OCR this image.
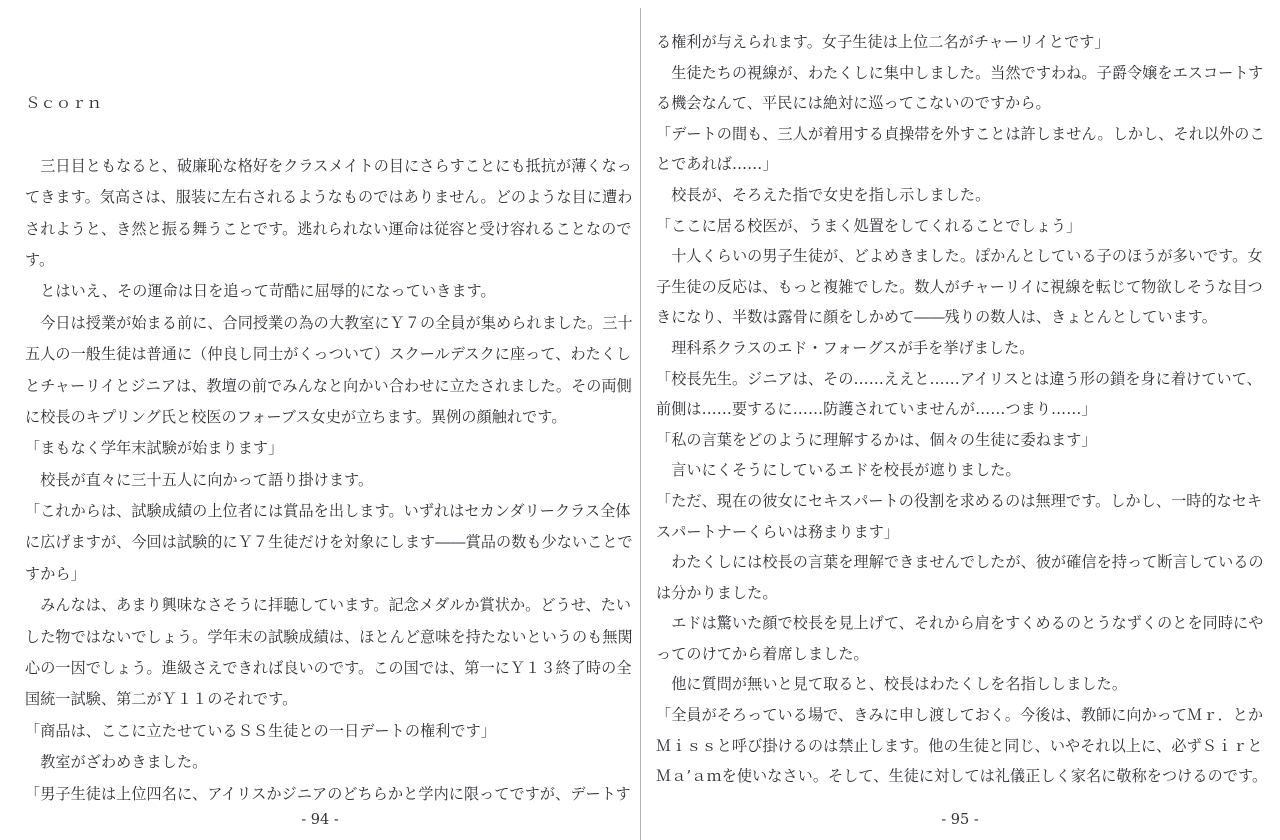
Ｓｃｏｒｎ
　三日目ともなると、破廉恥な格好をクラスメイトの目にさらすことにも抵抗が薄くなっ
てきます。気高さは、服装に左右されるようなものではありません。どのような目に遭わ
されようと、き然と振る舞うことです。逃れられない運命は従容と受け容れることなので
す。
　とはいえ、その運命は日を追って苛酷に屈辱的になっていきます。
　今日は授業が始まる前に、合同授業の為の大教室にＹ７の全員が集められました。三十
五人の一般生徒は普通に（仲良し同士がくっついて）スクールデスクに座って、わたくし
とチャーリイとジニアは、教壇の前でみんなと向かい合わせに立たされました。その両側
に校長のキプリング氏と校医のフォーブス女史が立ちます。異例の顔触れです。
「まもなく学年末試験が始まります」
　校長が直々に三十五人に向かって語り掛けます。
「これからは、試験成績の上位者には賞品を出します。いずれはセカンダリークラス全体
に広げますが、今回は試験的にＹ７生徒だけを対象にします――賞品の数も少ないことで
すから」
　みんなは、あまり興味なさそうに拝聴しています。記念メダルか賞状か。どうせ、たい
した物ではないでしょう。学年末の試験成績は、ほとんど意味を持たないというのも無関
心の一因でしょう。進級さえできれば良いのです。この国では、第一にＹ１３終了時の全
国統一試験、第二がＹ１１のそれです。
「商品は、ここに立たせているＳＳ生徒との一日デートの権利です」
　教室がざわめきました。
「男子生徒は上位四名に、アイリスかジニアのどちらかと学内に限ってですが、デートす
- 94 -
る権利が与えられます。女子生徒は上位二名がチャーリイとです」
　生徒たちの視線が、わたくしに集中しました。当然ですわね。子爵令嬢をエスコートす
る機会なんて、平民には絶対に巡ってこないのですから。
「デートの間も、三人が着用する貞操帯を外すことは許しません。しかし、それ以外のこ
とであれば……」
　校長が、そろえた指で女史を指し示しました。
「ここに居る校医が、うまく処置をしてくれることでしょう」
　十人くらいの男子生徒が、どよめきました。ぽかんとしている子のほうが多いです。女
子生徒の反応は、もっと複雑でした。数人がチャーリイに視線を転じて物欲しそうな目つ
きになり、半数は露骨に顔をしかめて――残りの数人は、きょとんとしています。
　理科系クラスのエド・フォーグスが手を挙げました。
「校長先生。ジニアは、その……ええと……アイリスとは違う形の鎖を身に着けていて、
前側は……要するに……防護されていませんが……つまり……」
「私の言葉をどのように理解するかは、個々の生徒に委ねます」
　言いにくそうにしているエドを校長が遮りました。
「ただ、現在の彼女にセキスパートの役割を求めるのは無理です。しかし、一時的なセキ
スパートナーくらいは務まります」
　わたくしには校長の言葉を理解できませんでしたが、彼が確信を持って断言しているの
は分かりました。
　エドは驚いた顔で校長を見上げて、それから肩をすくめるのとうなずくのとを同時にや
ってのけてから着席しました。
　他に質問が無いと見て取ると、校長はわたくしを名指ししました。
「全員がそろっている場で、きみに申し渡しておく。今後は、教師に向かってＭｒ．とか
Ｍｉｓｓと呼び掛けるのは禁止します。他の生徒と同じ、いやそれ以上に、必ずＳｉｒと
Ｍａ’ａｍを使いなさい。そして、生徒に対しては礼儀正しく家名に敬称をつけるのです。
- 95 -
